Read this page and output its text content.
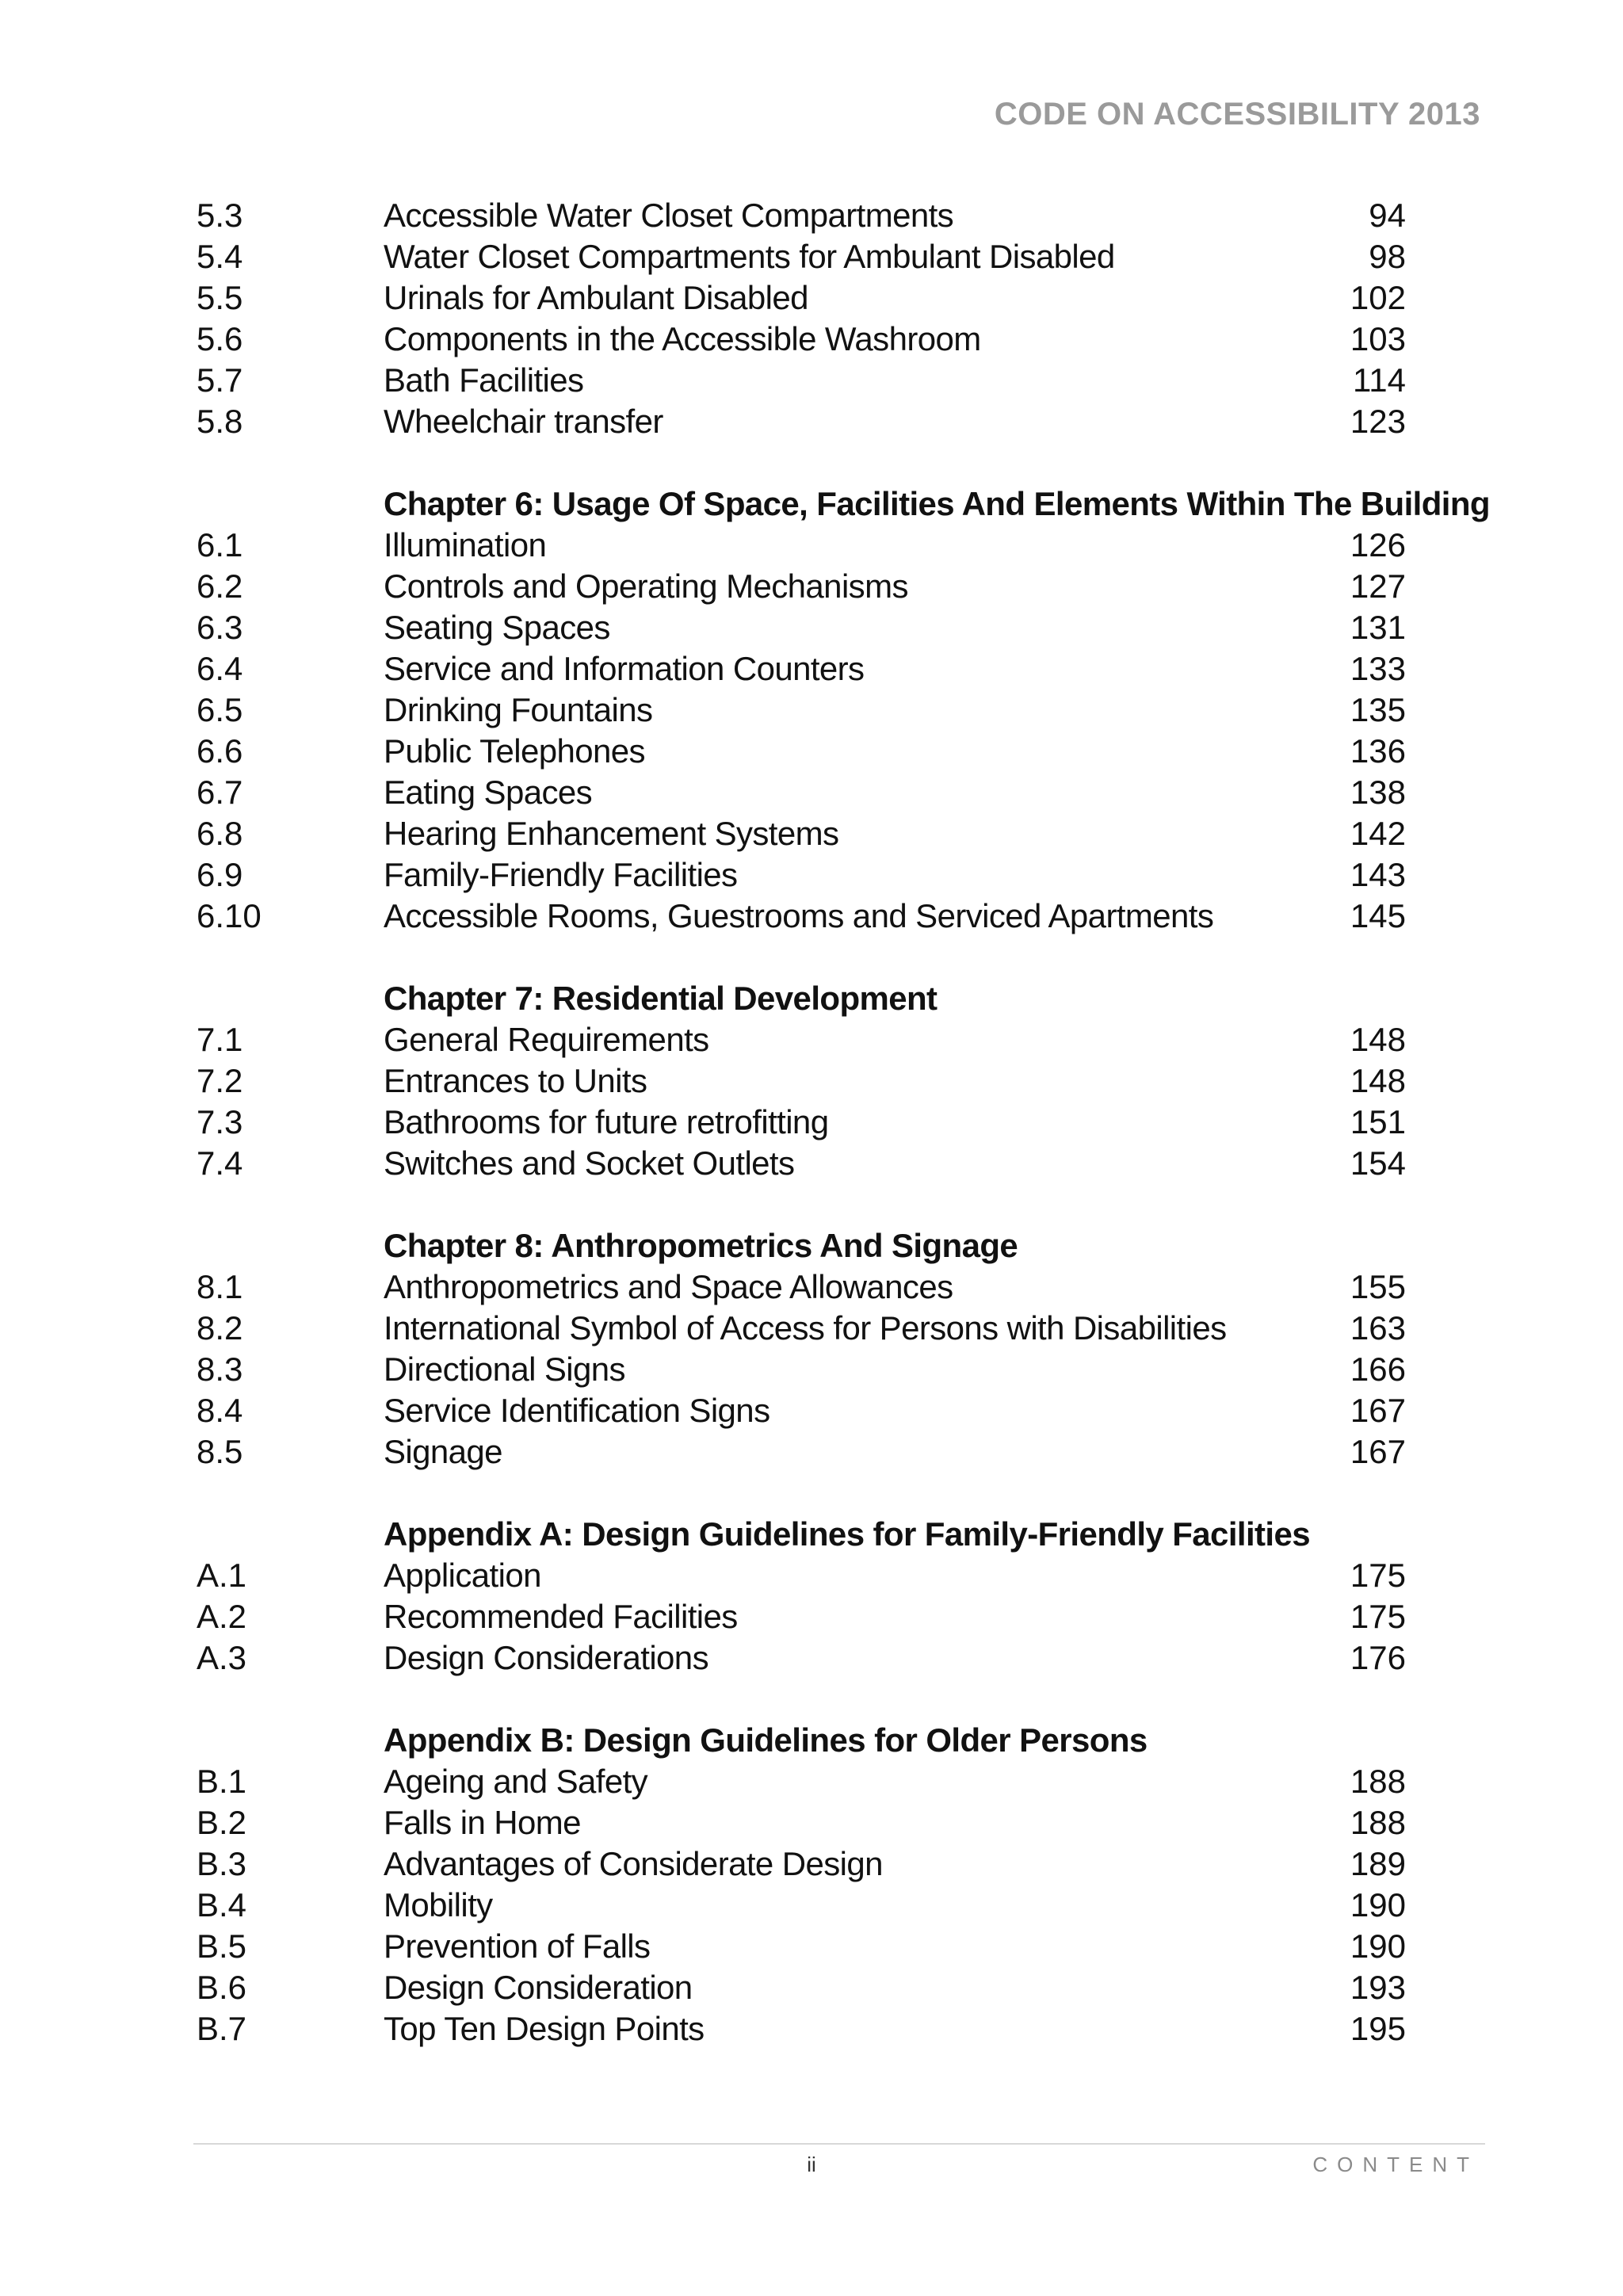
CODE ON ACCESSIBILITY 2013
5.3	Accessible Water Closet Compartments	94
5.4	Water Closet Compartments for Ambulant Disabled	98
5.5	Urinals for Ambulant Disabled	102
5.6	Components in the Accessible Washroom	103
5.7	Bath Facilities	114
5.8	Wheelchair transfer	123
Chapter 6: Usage Of Space, Facilities And Elements Within The Building
6.1	Illumination	126
6.2	Controls and Operating Mechanisms	127
6.3	Seating Spaces	131
6.4	Service and Information Counters	133
6.5	Drinking Fountains	135
6.6	Public Telephones	136
6.7	Eating Spaces	138
6.8	Hearing Enhancement Systems	142
6.9	Family-Friendly Facilities	143
6.10	Accessible Rooms, Guestrooms and Serviced Apartments	145
Chapter 7: Residential Development
7.1	General Requirements	148
7.2	Entrances to Units	148
7.3	Bathrooms for future retrofitting	151
7.4	Switches and Socket Outlets	154
Chapter 8: Anthropometrics And Signage
8.1	Anthropometrics and Space Allowances	155
8.2	International Symbol of Access for Persons with Disabilities	163
8.3	Directional Signs	166
8.4	Service Identification Signs	167
8.5	Signage	167
Appendix A: Design Guidelines for Family-Friendly Facilities
A.1	Application	175
A.2	Recommended Facilities	175
A.3	Design Considerations	176
Appendix B: Design Guidelines for Older Persons
B.1	Ageing and Safety	188
B.2	Falls in Home	188
B.3	Advantages of Considerate Design	189
B.4	Mobility	190
B.5	Prevention of Falls	190
B.6	Design Consideration	193
B.7	Top Ten Design Points	195
ii	CONTENT
